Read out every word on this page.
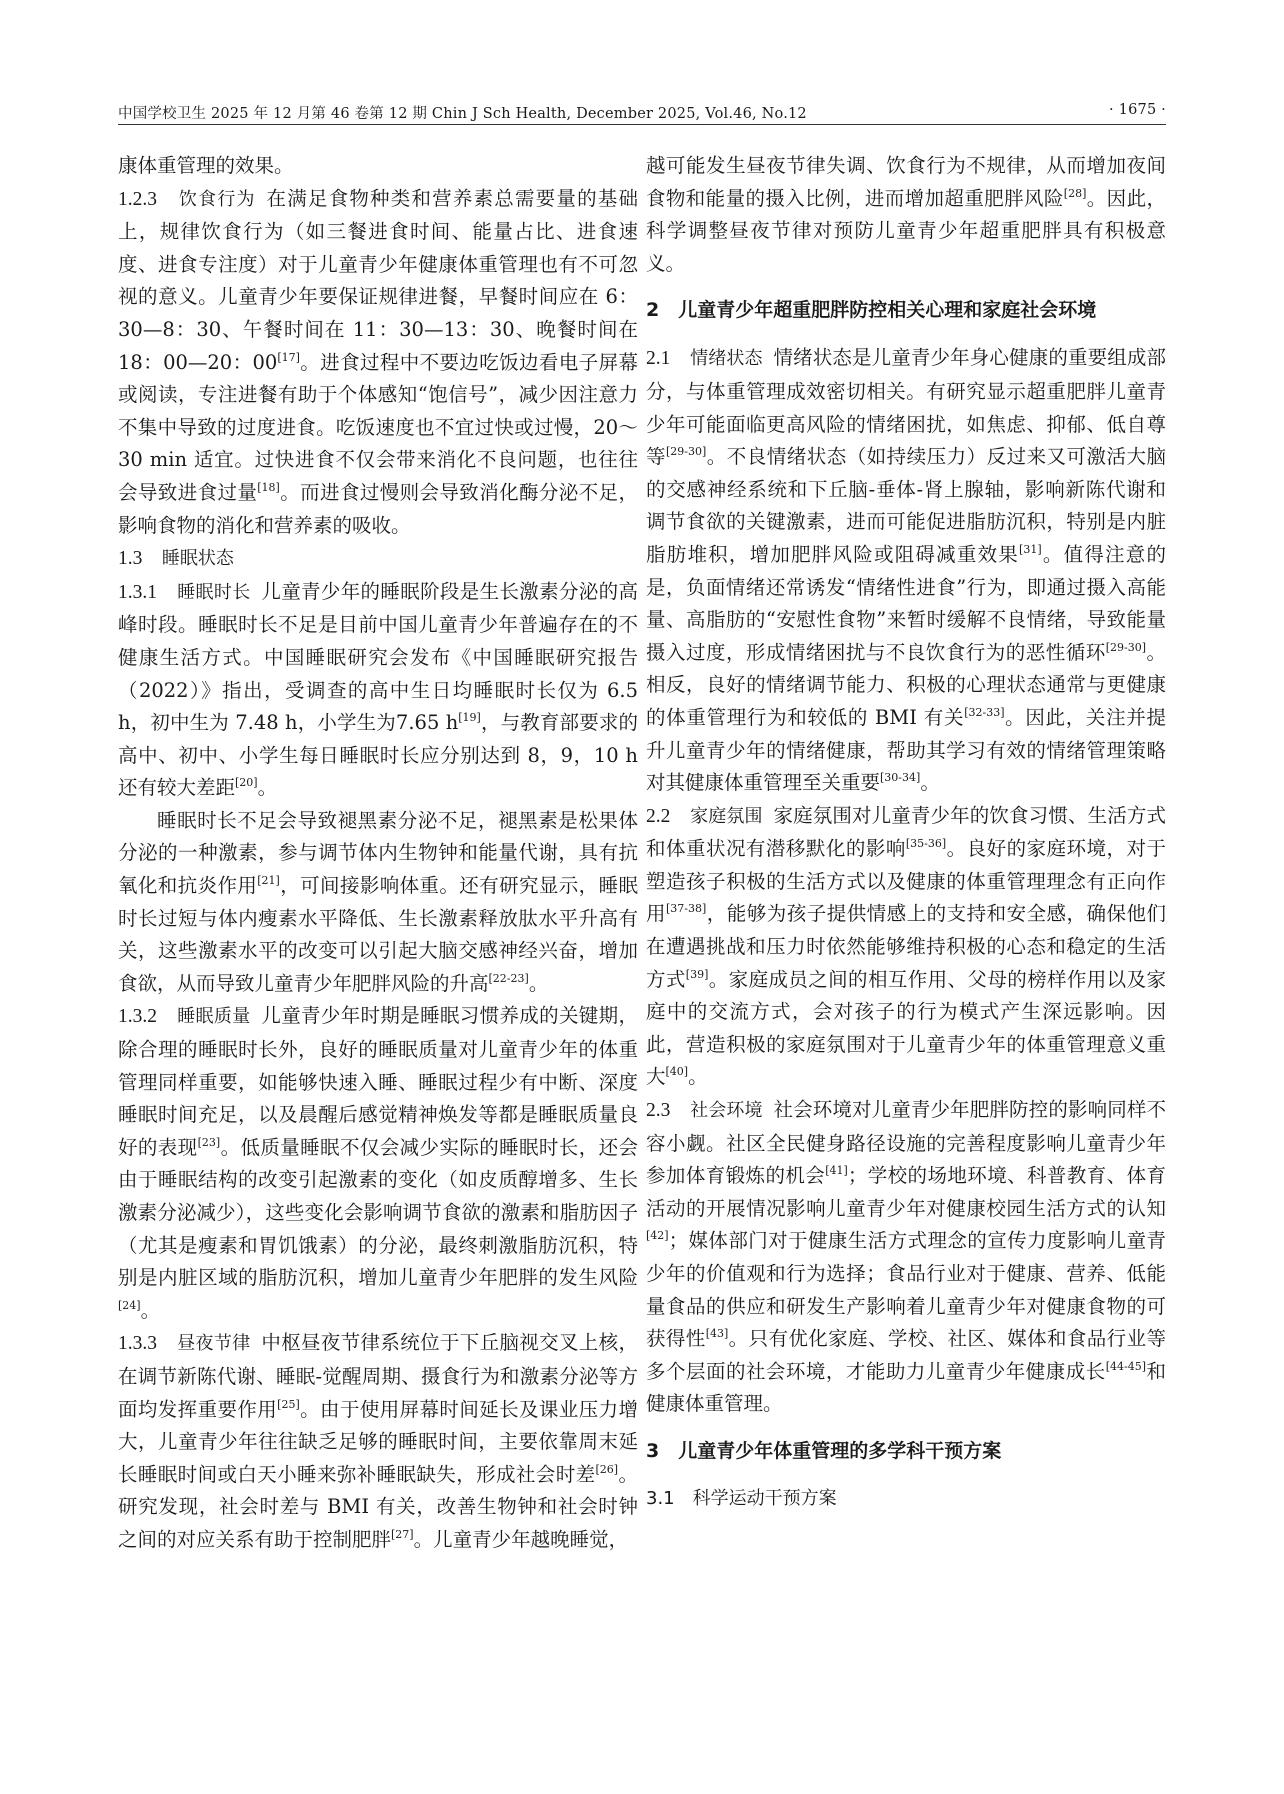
中国学校卫生 2025 年 12 月第 46 卷第 12 期 Chin J Sch Health, December 2025, Vol.46, No.12	· 1675 ·

康体重管理的效果。

1.2.3　 饮食行为 在满足食物种类和营养素总需要量的基础上，规律饮食行为（如三餐进食时间、能量占比、进食速度、进食专注度）对于儿童青少年健康体重管理也有不可忽视的意义。儿童青少年要保证规律进餐，早餐时间应在 6：30—8：30、午餐时间在 11：30—13：30、晚餐时间在 18：00—20：00[17]。进食过程中不要边吃饭边看电子屏幕或阅读，专注进餐有助于个体感知“饱信号”，减少因注意力不集中导致的过度进食。吃饭速度也不宜过快或过慢，20～30 min 适宜。过快进食不仅会带来消化不良问题，也往往会导致进食过量[18]。而进食过慢则会导致消化酶分泌不足，影响食物的消化和营养素的吸收。

1.3　 睡眠状态

1.3.1　 睡眠时长 儿童青少年的睡眠阶段是生长激素分泌的高峰时段。睡眠时长不足是目前中国儿童青少年普遍存在的不健康生活方式。中国睡眠研究会发布《中国睡眠研究报告（2022）》指出，受调查的高中生日均睡眠时长仅为 6.5 h，初中生为 7.48 h，小学生为7.65 h[19]，与教育部要求的高中、初中、小学生每日睡眠时长应分别达到 8，9，10 h 还有较大差距[20]。

睡眠时长不足会导致褪黑素分泌不足，褪黑素是松果体分泌的一种激素，参与调节体内生物钟和能量代谢，具有抗氧化和抗炎作用[21]，可间接影响体重。还有研究显示，睡眠时长过短与体内瘦素水平降低、生长激素释放肽水平升高有关，这些激素水平的改变可以引起大脑交感神经兴奋，增加食欲，从而导致儿童青少年肥胖风险的升高[22-23]。

1.3.2　 睡眠质量 儿童青少年时期是睡眠习惯养成的关键期，除合理的睡眠时长外，良好的睡眠质量对儿童青少年的体重管理同样重要，如能够快速入睡、睡眠过程少有中断、深度睡眠时间充足，以及晨醒后感觉精神焕发等都是睡眠质量良好的表现[23]。低质量睡眠不仅会减少实际的睡眠时长，还会由于睡眠结构的改变引起激素的变化（如皮质醇增多、生长激素分泌减少），这些变化会影响调节食欲的激素和脂肪因子（尤其是瘦素和胃饥饿素）的分泌，最终刺激脂肪沉积，特别是内脏区域的脂肪沉积，增加儿童青少年肥胖的发生风险[24]。

1.3.3　 昼夜节律 中枢昼夜节律系统位于下丘脑视交叉上核，在调节新陈代谢、睡眠-觉醒周期、摄食行为和激素分泌等方面均发挥重要作用[25]。由于使用屏幕时间延长及课业压力增大，儿童青少年往往缺乏足够的睡眠时间，主要依靠周末延长睡眠时间或白天小睡来弥补睡眠缺失，形成社会时差[26]。研究发现，社会时差与 BMI 有关，改善生物钟和社会时钟之间的对应关系有助于控制肥胖[27]。儿童青少年越晚睡觉，

越可能发生昼夜节律失调、饮食行为不规律，从而增加夜间食物和能量的摄入比例，进而增加超重肥胖风险[28]。因此，科学调整昼夜节律对预防儿童青少年超重肥胖具有积极意义。

2　儿童青少年超重肥胖防控相关心理和家庭社会环境

2.1　 情绪状态 情绪状态是儿童青少年身心健康的重要组成部分，与体重管理成效密切相关。有研究显示超重肥胖儿童青少年可能面临更高风险的情绪困扰，如焦虑、抑郁、低自尊等[29-30]。不良情绪状态（如持续压力）反过来又可激活大脑的交感神经系统和下丘脑-垂体-肾上腺轴，影响新陈代谢和调节食欲的关键激素，进而可能促进脂肪沉积，特别是内脏脂肪堆积，增加肥胖风险或阻碍减重效果[31]。值得注意的是，负面情绪还常诱发“情绪性进食”行为，即通过摄入高能量、高脂肪的“安慰性食物”来暂时缓解不良情绪，导致能量摄入过度，形成情绪困扰与不良饮食行为的恶性循环[29-30]。相反，良好的情绪调节能力、积极的心理状态通常与更健康的体重管理行为和较低的 BMI 有关[32-33]。因此，关注并提升儿童青少年的情绪健康，帮助其学习有效的情绪管理策略对其健康体重管理至关重要[30-34]。

2.2　 家庭氛围 家庭氛围对儿童青少年的饮食习惯、生活方式和体重状况有潜移默化的影响[35-36]。良好的家庭环境，对于塑造孩子积极的生活方式以及健康的体重管理理念有正向作用[37-38]，能够为孩子提供情感上的支持和安全感，确保他们在遭遇挑战和压力时依然能够维持积极的心态和稳定的生活方式[39]。家庭成员之间的相互作用、父母的榜样作用以及家庭中的交流方式，会对孩子的行为模式产生深远影响。因此，营造积极的家庭氛围对于儿童青少年的体重管理意义重大[40]。

2.3　 社会环境 社会环境对儿童青少年肥胖防控的影响同样不容小觑。社区全民健身路径设施的完善程度影响儿童青少年参加体育锻炼的机会[41]；学校的场地环境、科普教育、体育活动的开展情况影响儿童青少年对健康校园生活方式的认知[42]；媒体部门对于健康生活方式理念的宣传力度影响儿童青少年的价值观和行为选择；食品行业对于健康、营养、低能量食品的供应和研发生产影响着儿童青少年对健康食物的可获得性[43]。只有优化家庭、学校、社区、媒体和食品行业等多个层面的社会环境，才能助力儿童青少年健康成长[44-45]和健康体重管理。

3　儿童青少年体重管理的多学科干预方案

3.1　科学运动干预方案
